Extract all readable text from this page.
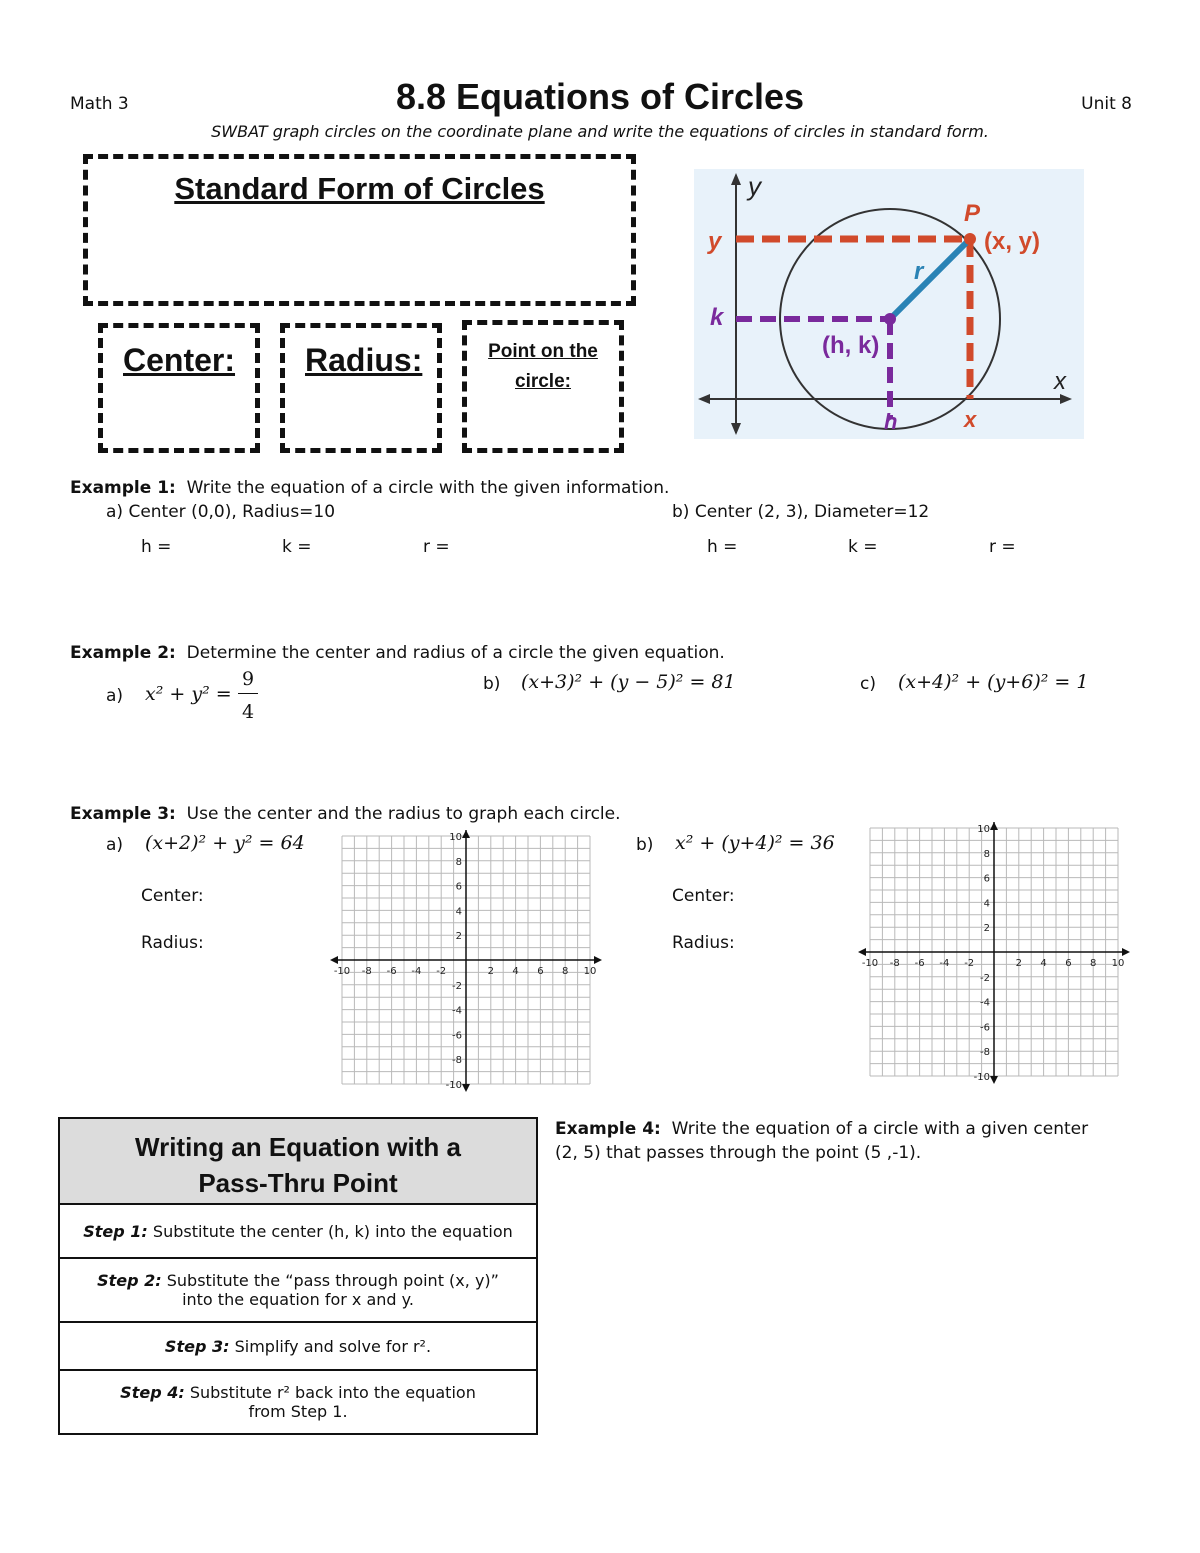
Math 3	8.8 Equations of Circles	Unit 8
SWBAT graph circles on the coordinate plane and write the equations of circles in standard form.
Standard Form of Circles
Center:	Radius:	Point on the
circle:
y
x
P
(x, y)
r
(h, k)
y
k
h	x
Example 1: Write the equation of a circle with the given information.
a) Center (0,0), Radius=10	b) Center (2, 3), Diameter=12
h =	k =	r =	h =	k =	r =
Example 2: Determine the center and radius of a circle the given equation.
a) x² + y² =
9
4
b) (x+3)² + (y − 5)² = 81	c) (x+4)² + (y+6)² = 1
Example 3: Use the center and the radius to graph each circle.
a) (x+2)² + y² = 64
Center:
Radius:
b) x² + (y+4)² = 36
Center:
Radius:
-10 -8 -6 -4 -2	2 4 6 8 10
10
8
6
4
2
-2
-4
-6
-8
-10
-10 -8 -6 -4 -2	2 4 6 8 10
10
8
6
4
2
-2
-4
-6
-8
-10
Writing an Equation with a
Pass-Thru Point
Step 1: Substitute the center (h, k) into the equation
Step 2: Substitute the “pass through point (x, y)”
into the equation for x and y.
Step 3: Simplify and solve for r².
Step 4: Substitute r² back into the equation
from Step 1.
Example 4: Write the equation of a circle with a given center
(2, 5) that passes through the point (5 ,-1).
